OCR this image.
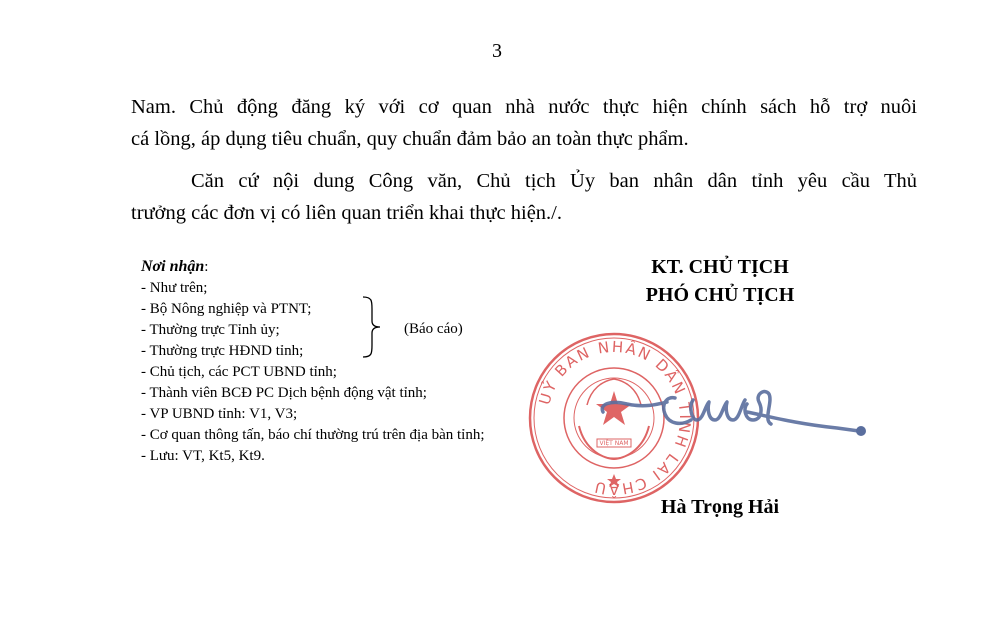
3

Nam. Chủ động đăng ký với cơ quan nhà nước thực hiện chính sách hỗ trợ nuôi
cá lồng, áp dụng tiêu chuẩn, quy chuẩn đảm bảo an toàn thực phẩm.

Căn cứ nội dung Công văn, Chủ tịch Ủy ban nhân dân tỉnh yêu cầu Thủ
trưởng các đơn vị có liên quan triển khai thực hiện./.

Nơi nhận:
- Như trên;
- Bộ Nông nghiệp và PTNT;
- Thường trực Tỉnh ủy;
- Thường trực HĐND tỉnh;
- Chủ tịch, các PCT UBND tỉnh;
- Thành viên BCĐ PC Dịch bệnh động vật tỉnh;
- VP UBND tỉnh: V1, V3;
- Cơ quan thông tấn, báo chí thường trú trên địa bàn tỉnh;
- Lưu: VT, Kt5, Kt9.
(Báo cáo)
KT. CHỦ TỊCH
PHÓ CHỦ TỊCH
UỶ BAN NHÂN DÂN TỈNH LAI CHÂU
VIỆT NAM
Hà Trọng Hải
